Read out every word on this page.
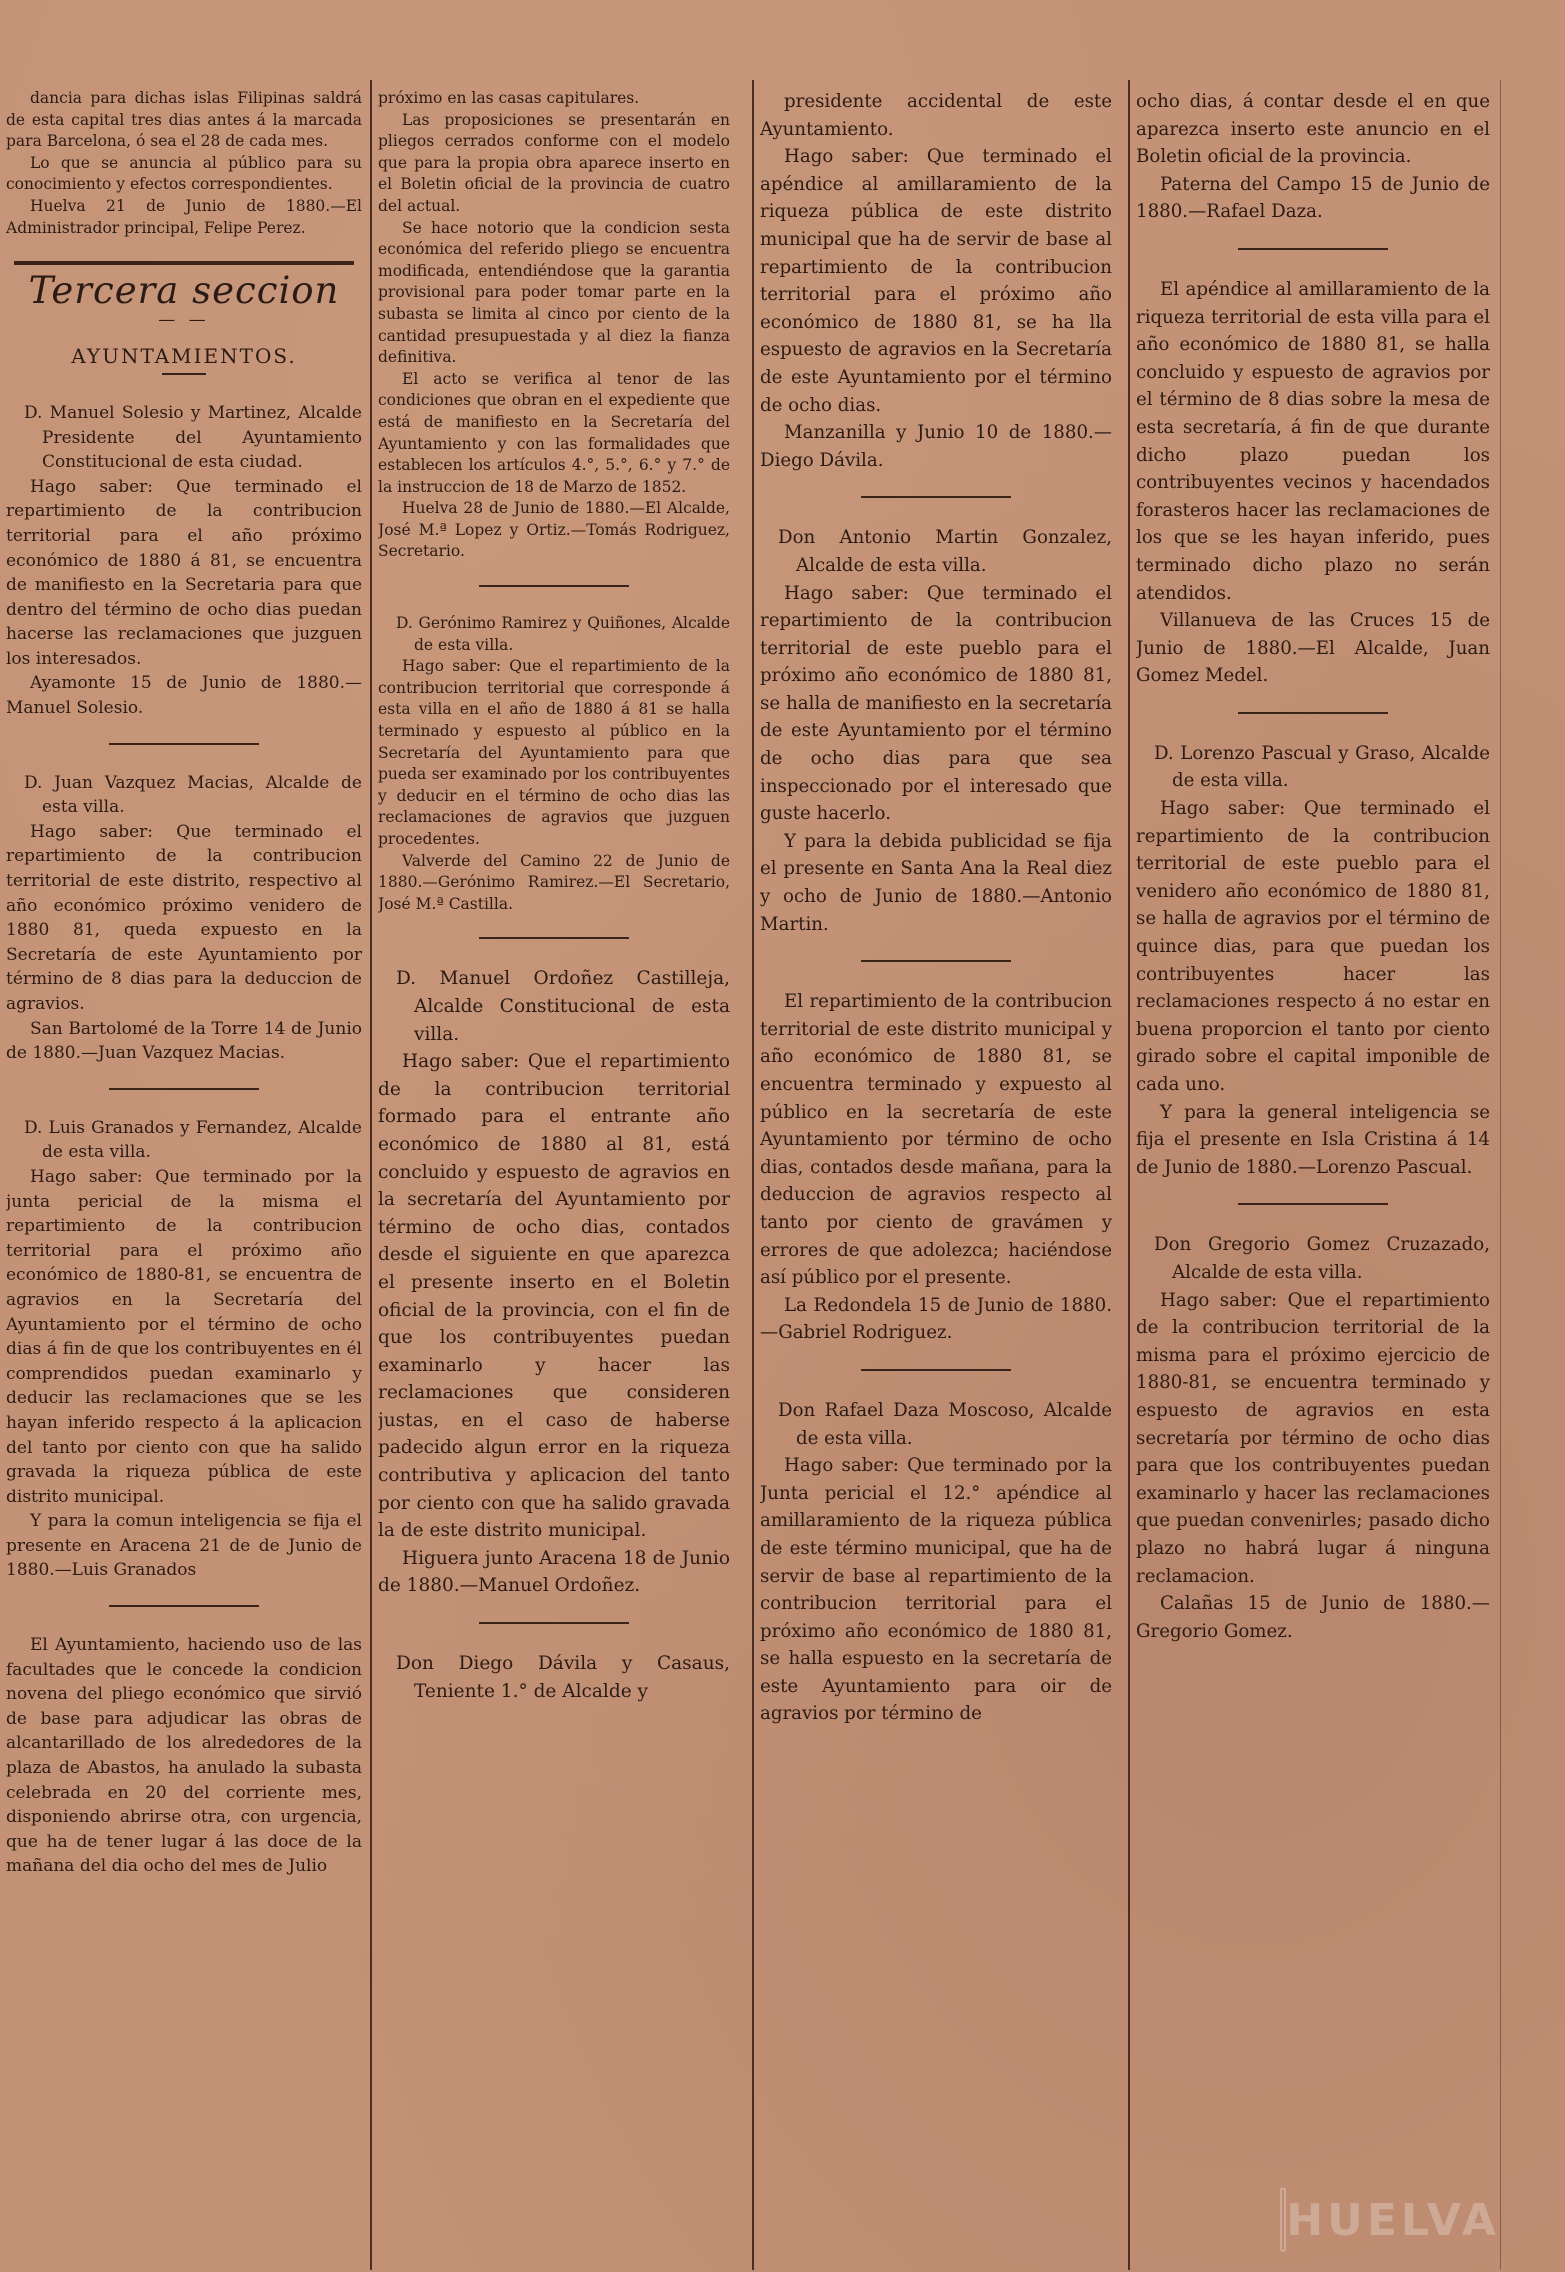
dancia para dichas islas Filipinas saldrá de esta capital tres dias antes á la marcada para Barcelona, ó sea el 28 de cada mes.

Lo que se anuncia al público para su conocimiento y efectos correspondientes.

Huelva 21 de Junio de 1880.—El Administrador principal, Felipe Perez.

Tercera seccion
— —
AYUNTAMIENTOS.

D. Manuel Solesio y Martinez, Alcalde Presidente del Ayuntamiento Constitucional de esta ciudad.

Hago saber: Que terminado el repartimiento de la contribucion territorial para el año próximo económico de 1880 á 81, se encuentra de manifiesto en la Secretaria para que dentro del término de ocho dias puedan hacerse las reclamaciones que juzguen los interesados.

Ayamonte 15 de Junio de 1880.—Manuel Solesio.

D. Juan Vazquez Macias, Alcalde de esta villa.

Hago saber: Que terminado el repartimiento de la contribucion territorial de este distrito, respectivo al año económico próximo venidero de 1880 81, queda expuesto en la Secretaría de este Ayuntamiento por término de 8 dias para la deduccion de agravios.

San Bartolomé de la Torre 14 de Junio de 1880.—Juan Vazquez Macias.

D. Luis Granados y Fernandez, Alcalde de esta villa.

Hago saber: Que terminado por la junta pericial de la misma el repartimiento de la contribucion territorial para el próximo año económico de 1880-81, se encuentra de agravios en la Secretaría del Ayuntamiento por el término de ocho dias á fin de que los contribuyentes en él comprendidos puedan examinarlo y deducir las reclamaciones que se les hayan inferido respecto á la aplicacion del tanto por ciento con que ha salido gravada la riqueza pública de este distrito municipal.

Y para la comun inteligencia se fija el presente en Aracena 21 de de Junio de 1880.—Luis Granados

El Ayuntamiento, haciendo uso de las facultades que le concede la condicion novena del pliego económico que sirvió de base para adjudicar las obras de alcantarillado de los alrededores de la plaza de Abastos, ha anulado la subasta celebrada en 20 del corriente mes, disponiendo abrirse otra, con urgencia, que ha de tener lugar á las doce de la mañana del dia ocho del mes de Julio

próximo en las casas capitulares.

Las proposiciones se presentarán en pliegos cerrados conforme con el modelo que para la propia obra aparece inserto en el Boletin oficial de la provincia de cuatro del actual.

Se hace notorio que la condicion sesta económica del referido pliego se encuentra modificada, entendiéndose que la garantia provisional para poder tomar parte en la subasta se limita al cinco por ciento de la cantidad presupuestada y al diez la fianza definitiva.

El acto se verifica al tenor de las condiciones que obran en el expediente que está de manifiesto en la Secretaría del Ayuntamiento y con las formalidades que establecen los artículos 4.°, 5.°, 6.° y 7.° de la instruccion de 18 de Marzo de 1852.

Huelva 28 de Junio de 1880.—El Alcalde, José M.ª Lopez y Ortiz.—Tomás Rodriguez, Secretario.

D. Gerónimo Ramirez y Quiñones, Alcalde de esta villa.

Hago saber: Que el repartimiento de la contribucion territorial que corresponde á esta villa en el año de 1880 á 81 se halla terminado y espuesto al público en la Secretaría del Ayuntamiento para que pueda ser examinado por los contribuyentes y deducir en el término de ocho dias las reclamaciones de agravios que juzguen procedentes.

Valverde del Camino 22 de Junio de 1880.—Gerónimo Ramirez.—El Secretario, José M.ª Castilla.

D. Manuel Ordoñez Castilleja, Alcalde Constitucional de esta villa.

Hago saber: Que el repartimiento de la contribucion territorial formado para el entrante año económico de 1880 al 81, está concluido y espuesto de agravios en la secretaría del Ayuntamiento por término de ocho dias, contados desde el siguiente en que aparezca el presente inserto en el Boletin oficial de la provincia, con el fin de que los contribuyentes puedan examinarlo y hacer las reclamaciones que consideren justas, en el caso de haberse padecido algun error en la riqueza contributiva y aplicacion del tanto por ciento con que ha salido gravada la de este distrito municipal.

Higuera junto Aracena 18 de Junio de 1880.—Manuel Ordoñez.

Don Diego Dávila y Casaus, Teniente 1.° de Alcalde y

presidente accidental de este Ayuntamiento.

Hago saber: Que terminado el apéndice al amillaramiento de la riqueza pública de este distrito municipal que ha de servir de base al repartimiento de la contribucion territorial para el próximo año económico de 1880 81, se ha lla espuesto de agravios en la Secretaría de este Ayuntamiento por el término de ocho dias.

Manzanilla y Junio 10 de 1880.—Diego Dávila.

Don Antonio Martin Gonzalez, Alcalde de esta villa.

Hago saber: Que terminado el repartimiento de la contribucion territorial de este pueblo para el próximo año económico de 1880 81, se halla de manifiesto en la secretaría de este Ayuntamiento por el término de ocho dias para que sea inspeccionado por el interesado que guste hacerlo.

Y para la debida publicidad se fija el presente en Santa Ana la Real diez y ocho de Junio de 1880.—Antonio Martin.

El repartimiento de la contribucion territorial de este distrito municipal y año económico de 1880 81, se encuentra terminado y expuesto al público en la secretaría de este Ayuntamiento por término de ocho dias, contados desde mañana, para la deduccion de agravios respecto al tanto por ciento de gravámen y errores de que adolezca; haciéndose así público por el presente.

La Redondela 15 de Junio de 1880.—Gabriel Rodriguez.

Don Rafael Daza Moscoso, Alcalde de esta villa.

Hago saber: Que terminado por la Junta pericial el 12.° apéndice al amillaramiento de la riqueza pública de este término municipal, que ha de servir de base al repartimiento de la contribucion territorial para el próximo año económico de 1880 81, se halla espuesto en la secretaría de este Ayuntamiento para oir de agravios por término de

ocho dias, á contar desde el en que aparezca inserto este anuncio en el Boletin oficial de la provincia.

Paterna del Campo 15 de Junio de 1880.—Rafael Daza.

El apéndice al amillaramiento de la riqueza territorial de esta villa para el año económico de 1880 81, se halla concluido y espuesto de agravios por el término de 8 dias sobre la mesa de esta secretaría, á fin de que durante dicho plazo puedan los contribuyentes vecinos y hacendados forasteros hacer las reclamaciones de los que se les hayan inferido, pues terminado dicho plazo no serán atendidos.

Villanueva de las Cruces 15 de Junio de 1880.—El Alcalde, Juan Gomez Medel.

D. Lorenzo Pascual y Graso, Alcalde de esta villa.

Hago saber: Que terminado el repartimiento de la contribucion territorial de este pueblo para el venidero año económico de 1880 81, se halla de agravios por el término de quince dias, para que puedan los contribuyentes hacer las reclamaciones respecto á no estar en buena proporcion el tanto por ciento girado sobre el capital imponible de cada uno.

Y para la general inteligencia se fija el presente en Isla Cristina á 14 de Junio de 1880.—Lorenzo Pascual.

Don Gregorio Gomez Cruzazado, Alcalde de esta villa.

Hago saber: Que el repartimiento de la contribucion territorial de la misma para el próximo ejercicio de 1880-81, se encuentra terminado y espuesto de agravios en esta secretaría por término de ocho dias para que los contribuyentes puedan examinarlo y hacer las reclamaciones que puedan convenirles; pasado dicho plazo no habrá lugar á ninguna reclamacion.

Calañas 15 de Junio de 1880.—Gregorio Gomez.

HUELVA
